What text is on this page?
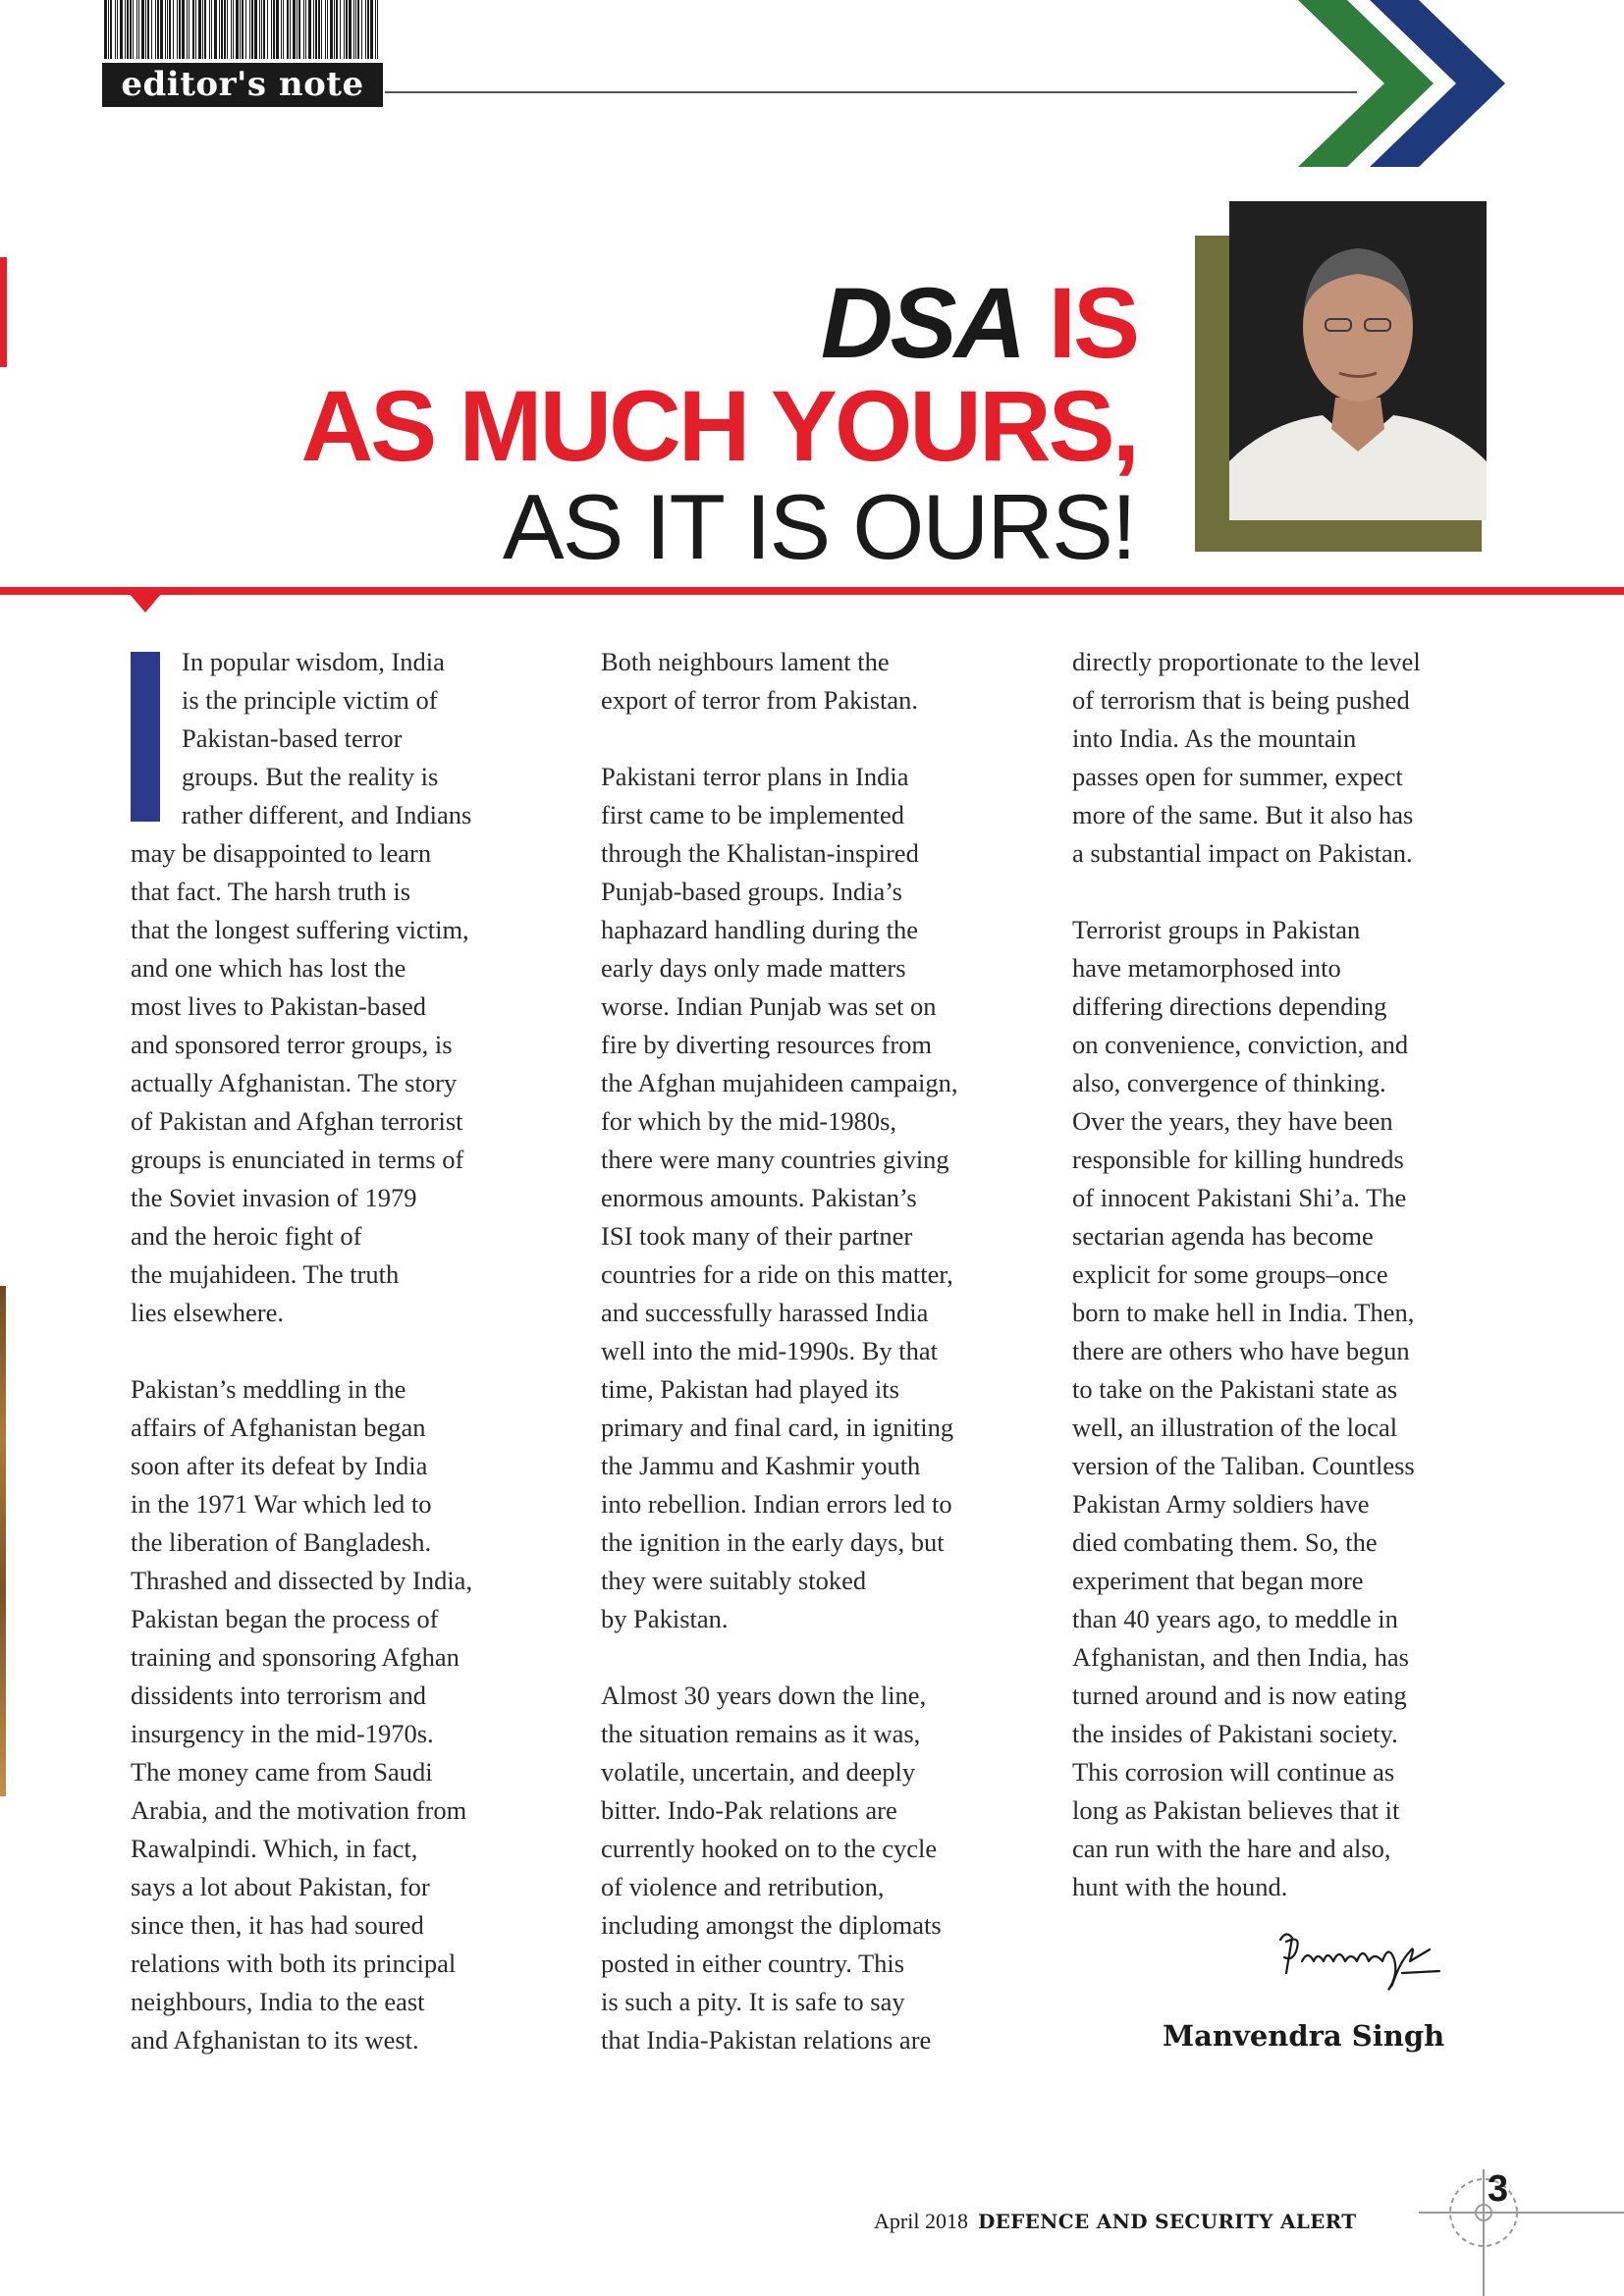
editor's note
DSA IS
AS MUCH YOURS,
AS IT IS OURS!

In popular wisdom, India

is the principle victim of

Pakistan-based terror

groups. But the reality is

rather different, and Indians

may be disappointed to learn

that fact. The harsh truth is

that the longest suffering victim,

and one which has lost the

most lives to Pakistan-based

and sponsored terror groups, is

actually Afghanistan. The story

of Pakistan and Afghan terrorist

groups is enunciated in terms of

the Soviet invasion of 1979

and the heroic fight of

the mujahideen. The truth

lies elsewhere.

Pakistan’s meddling in the

affairs of Afghanistan began

soon after its defeat by India

in the 1971 War which led to

the liberation of Bangladesh.

Thrashed and dissected by India,

Pakistan began the process of

training and sponsoring Afghan

dissidents into terrorism and

insurgency in the mid-1970s.

The money came from Saudi

Arabia, and the motivation from

Rawalpindi. Which, in fact,

says a lot about Pakistan, for

since then, it has had soured

relations with both its principal

neighbours, India to the east

and Afghanistan to its west.

Both neighbours lament the

export of terror from Pakistan.

Pakistani terror plans in India

first came to be implemented

through the Khalistan-inspired

Punjab-based groups. India’s

haphazard handling during the

early days only made matters

worse. Indian Punjab was set on

fire by diverting resources from

the Afghan mujahideen campaign,

for which by the mid-1980s,

there were many countries giving

enormous amounts. Pakistan’s

ISI took many of their partner

countries for a ride on this matter,

and successfully harassed India

well into the mid-1990s. By that

time, Pakistan had played its

primary and final card, in igniting

the Jammu and Kashmir youth

into rebellion. Indian errors led to

the ignition in the early days, but

they were suitably stoked

by Pakistan.

Almost 30 years down the line,

the situation remains as it was,

volatile, uncertain, and deeply

bitter. Indo-Pak relations are

currently hooked on to the cycle

of violence and retribution,

including amongst the diplomats

posted in either country. This

is such a pity. It is safe to say

that India-Pakistan relations are

directly proportionate to the level

of terrorism that is being pushed

into India. As the mountain

passes open for summer, expect

more of the same. But it also has

a substantial impact on Pakistan.

Terrorist groups in Pakistan

have metamorphosed into

differing directions depending

on convenience, conviction, and

also, convergence of thinking.

Over the years, they have been

responsible for killing hundreds

of innocent Pakistani Shi’a. The

sectarian agenda has become

explicit for some groups–once

born to make hell in India. Then,

there are others who have begun

to take on the Pakistani state as

well, an illustration of the local

version of the Taliban. Countless

Pakistan Army soldiers have

died combating them. So, the

experiment that began more

than 40 years ago, to meddle in

Afghanistan, and then India, has

turned around and is now eating

the insides of Pakistani society.

This corrosion will continue as

long as Pakistan believes that it

can run with the hare and also,

hunt with the hound.

Manvendra Singh
April 2018 DEFENCE AND SECURITY ALERT
3
